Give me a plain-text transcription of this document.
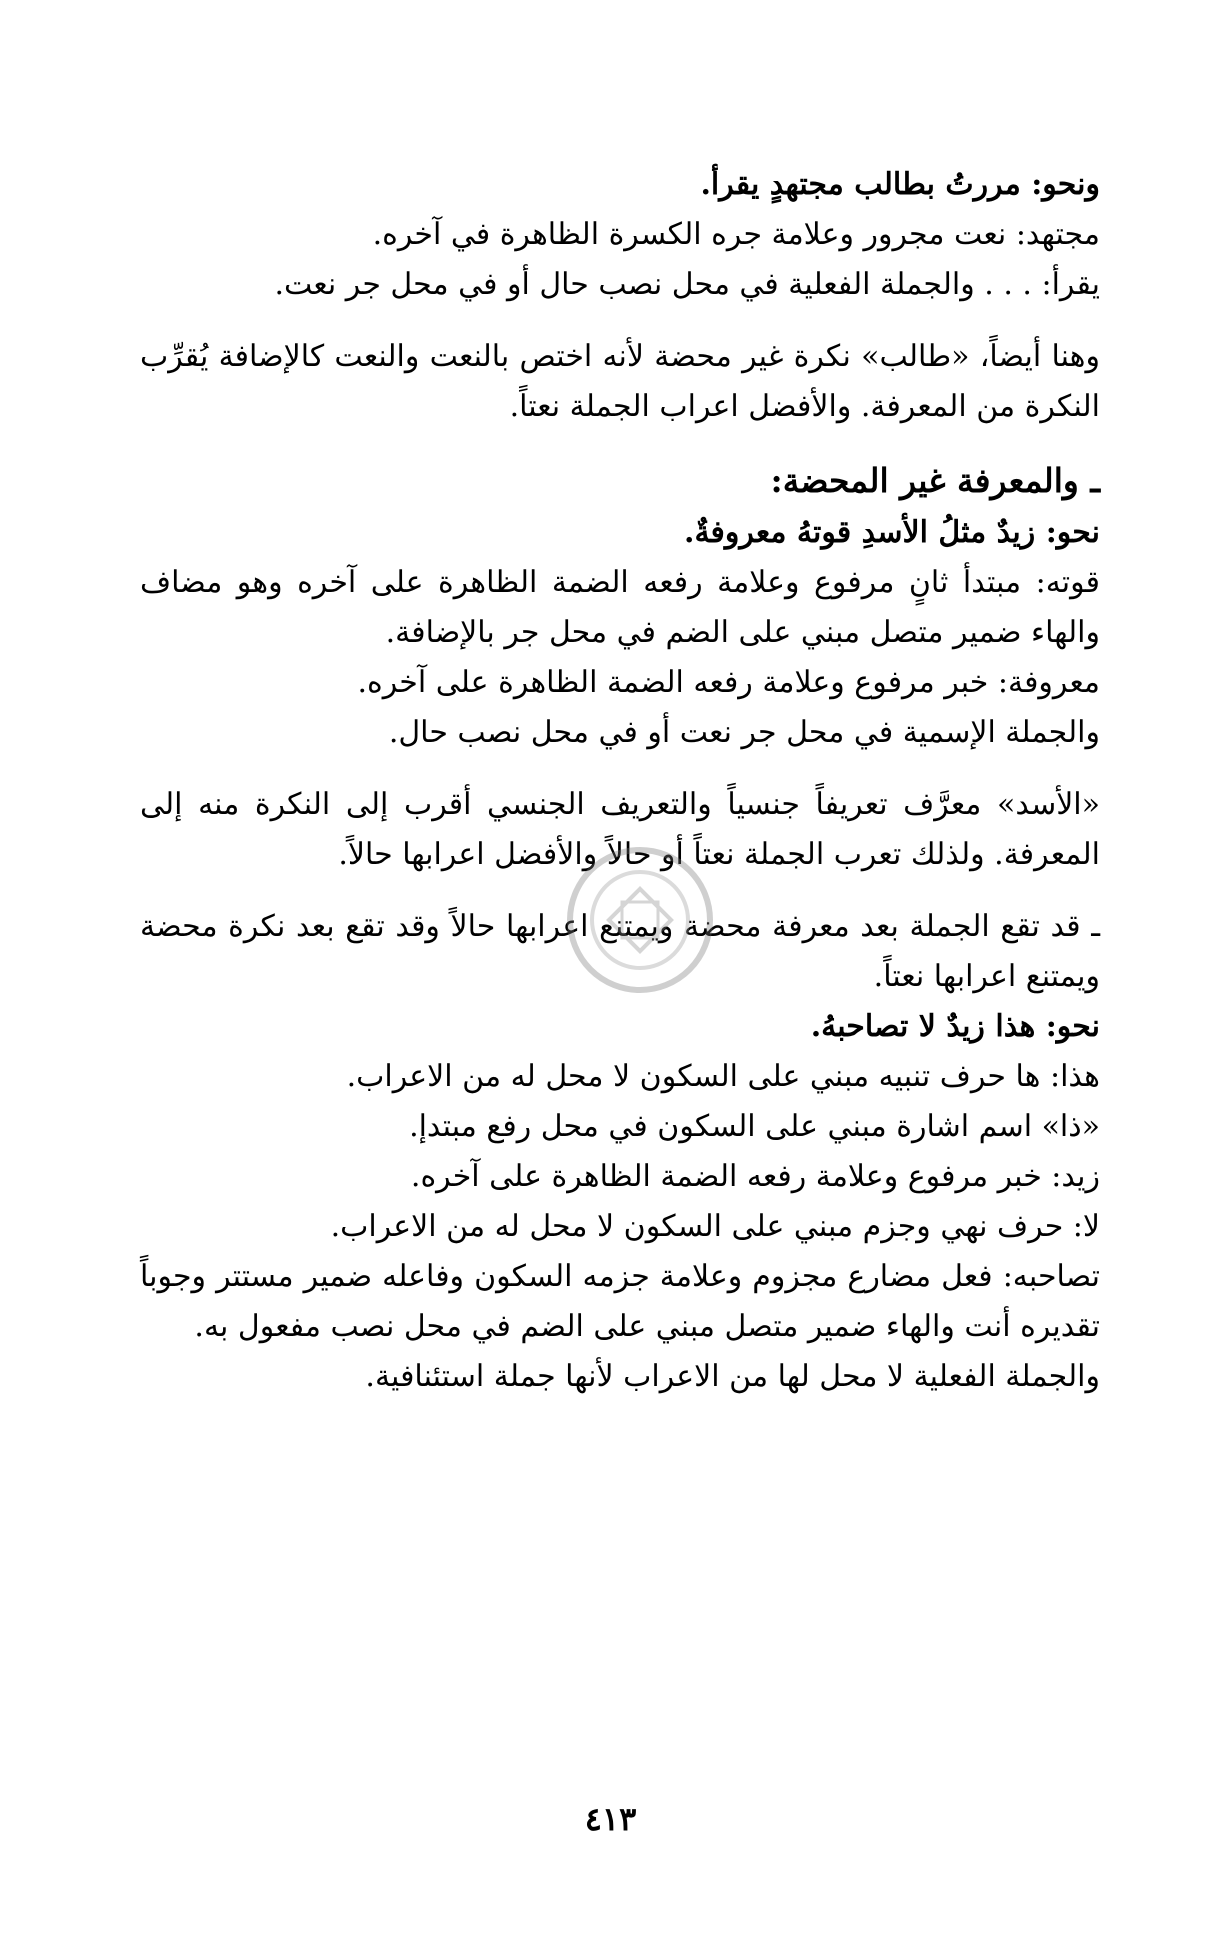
ونحو: مررتُ بطالب مجتهدٍ يقرأ.

مجتهد: نعت مجرور وعلامة جره الكسرة الظاهرة في آخره.

يقرأ: . . . والجملة الفعلية في محل نصب حال أو في محل جر نعت.

وهنا أيضاً، «طالب» نكرة غير محضة لأنه اختص بالنعت والنعت كالإضافة يُقرِّب النكرة من المعرفة. والأفضل اعراب الجملة نعتاً.

ـ والمعرفة غير المحضة:

نحو: زيدٌ مثلُ الأسدِ قوتهُ معروفةٌ.

قوته: مبتدأ ثانٍ مرفوع وعلامة رفعه الضمة الظاهرة على آخره وهو مضاف والهاء ضمير متصل مبني على الضم في محل جر بالإضافة.

معروفة: خبر مرفوع وعلامة رفعه الضمة الظاهرة على آخره.

والجملة الإسمية في محل جر نعت أو في محل نصب حال.

«الأسد» معرَّف تعريفاً جنسياً والتعريف الجنسي أقرب إلى النكرة منه إلى المعرفة. ولذلك تعرب الجملة نعتاً أو حالاً والأفضل اعرابها حالاً.

ـ قد تقع الجملة بعد معرفة محضة ويمتنع اعرابها حالاً وقد تقع بعد نكرة محضة ويمتنع اعرابها نعتاً.

نحو: هذا زيدٌ لا تصاحبهُ.

هذا: ها حرف تنبيه مبني على السكون لا محل له من الاعراب.

«ذا» اسم اشارة مبني على السكون في محل رفع مبتدإ.

زيد: خبر مرفوع وعلامة رفعه الضمة الظاهرة على آخره.

لا: حرف نهي وجزم مبني على السكون لا محل له من الاعراب.

تصاحبه: فعل مضارع مجزوم وعلامة جزمه السكون وفاعله ضمير مستتر وجوباً تقديره أنت والهاء ضمير متصل مبني على الضم في محل نصب مفعول به.

والجملة الفعلية لا محل لها من الاعراب لأنها جملة استئنافية.

٤١٣
